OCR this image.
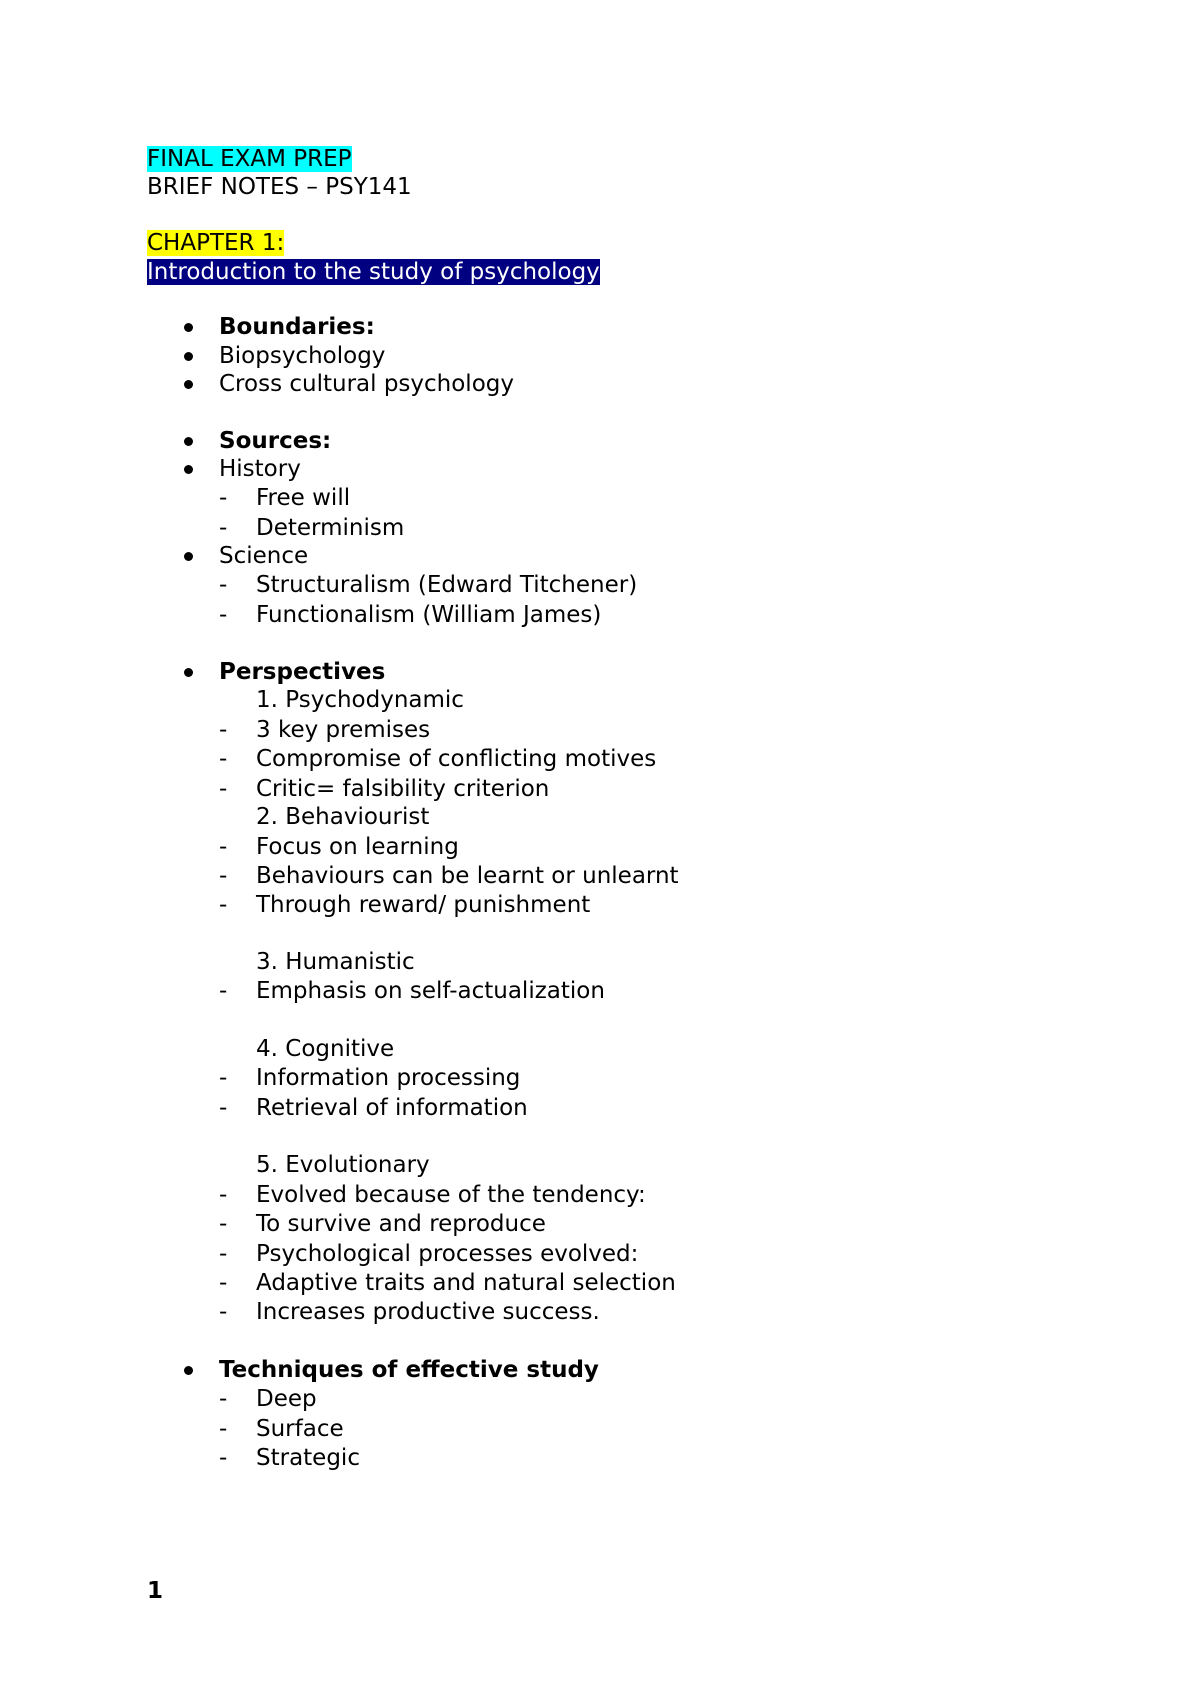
FINAL EXAM PREP
BRIEF NOTES – PSY141
CHAPTER 1:
Introduction to the study of psychology
Boundaries:
Biopsychology
Cross cultural psychology
Sources:
History
- Free will
- Determinism
Science
- Structuralism (Edward Titchener)
- Functionalism (William James)
Perspectives
1. Psychodynamic
- 3 key premises
- Compromise of conflicting motives
- Critic= falsibility criterion
2. Behaviourist
- Focus on learning
- Behaviours can be learnt or unlearnt
- Through reward/ punishment
3. Humanistic
- Emphasis on self-actualization
4. Cognitive
- Information processing
- Retrieval of information
5. Evolutionary
- Evolved because of the tendency:
- To survive and reproduce
- Psychological processes evolved:
- Adaptive traits and natural selection
- Increases productive success.
Techniques of effective study
- Deep
- Surface
- Strategic
1
